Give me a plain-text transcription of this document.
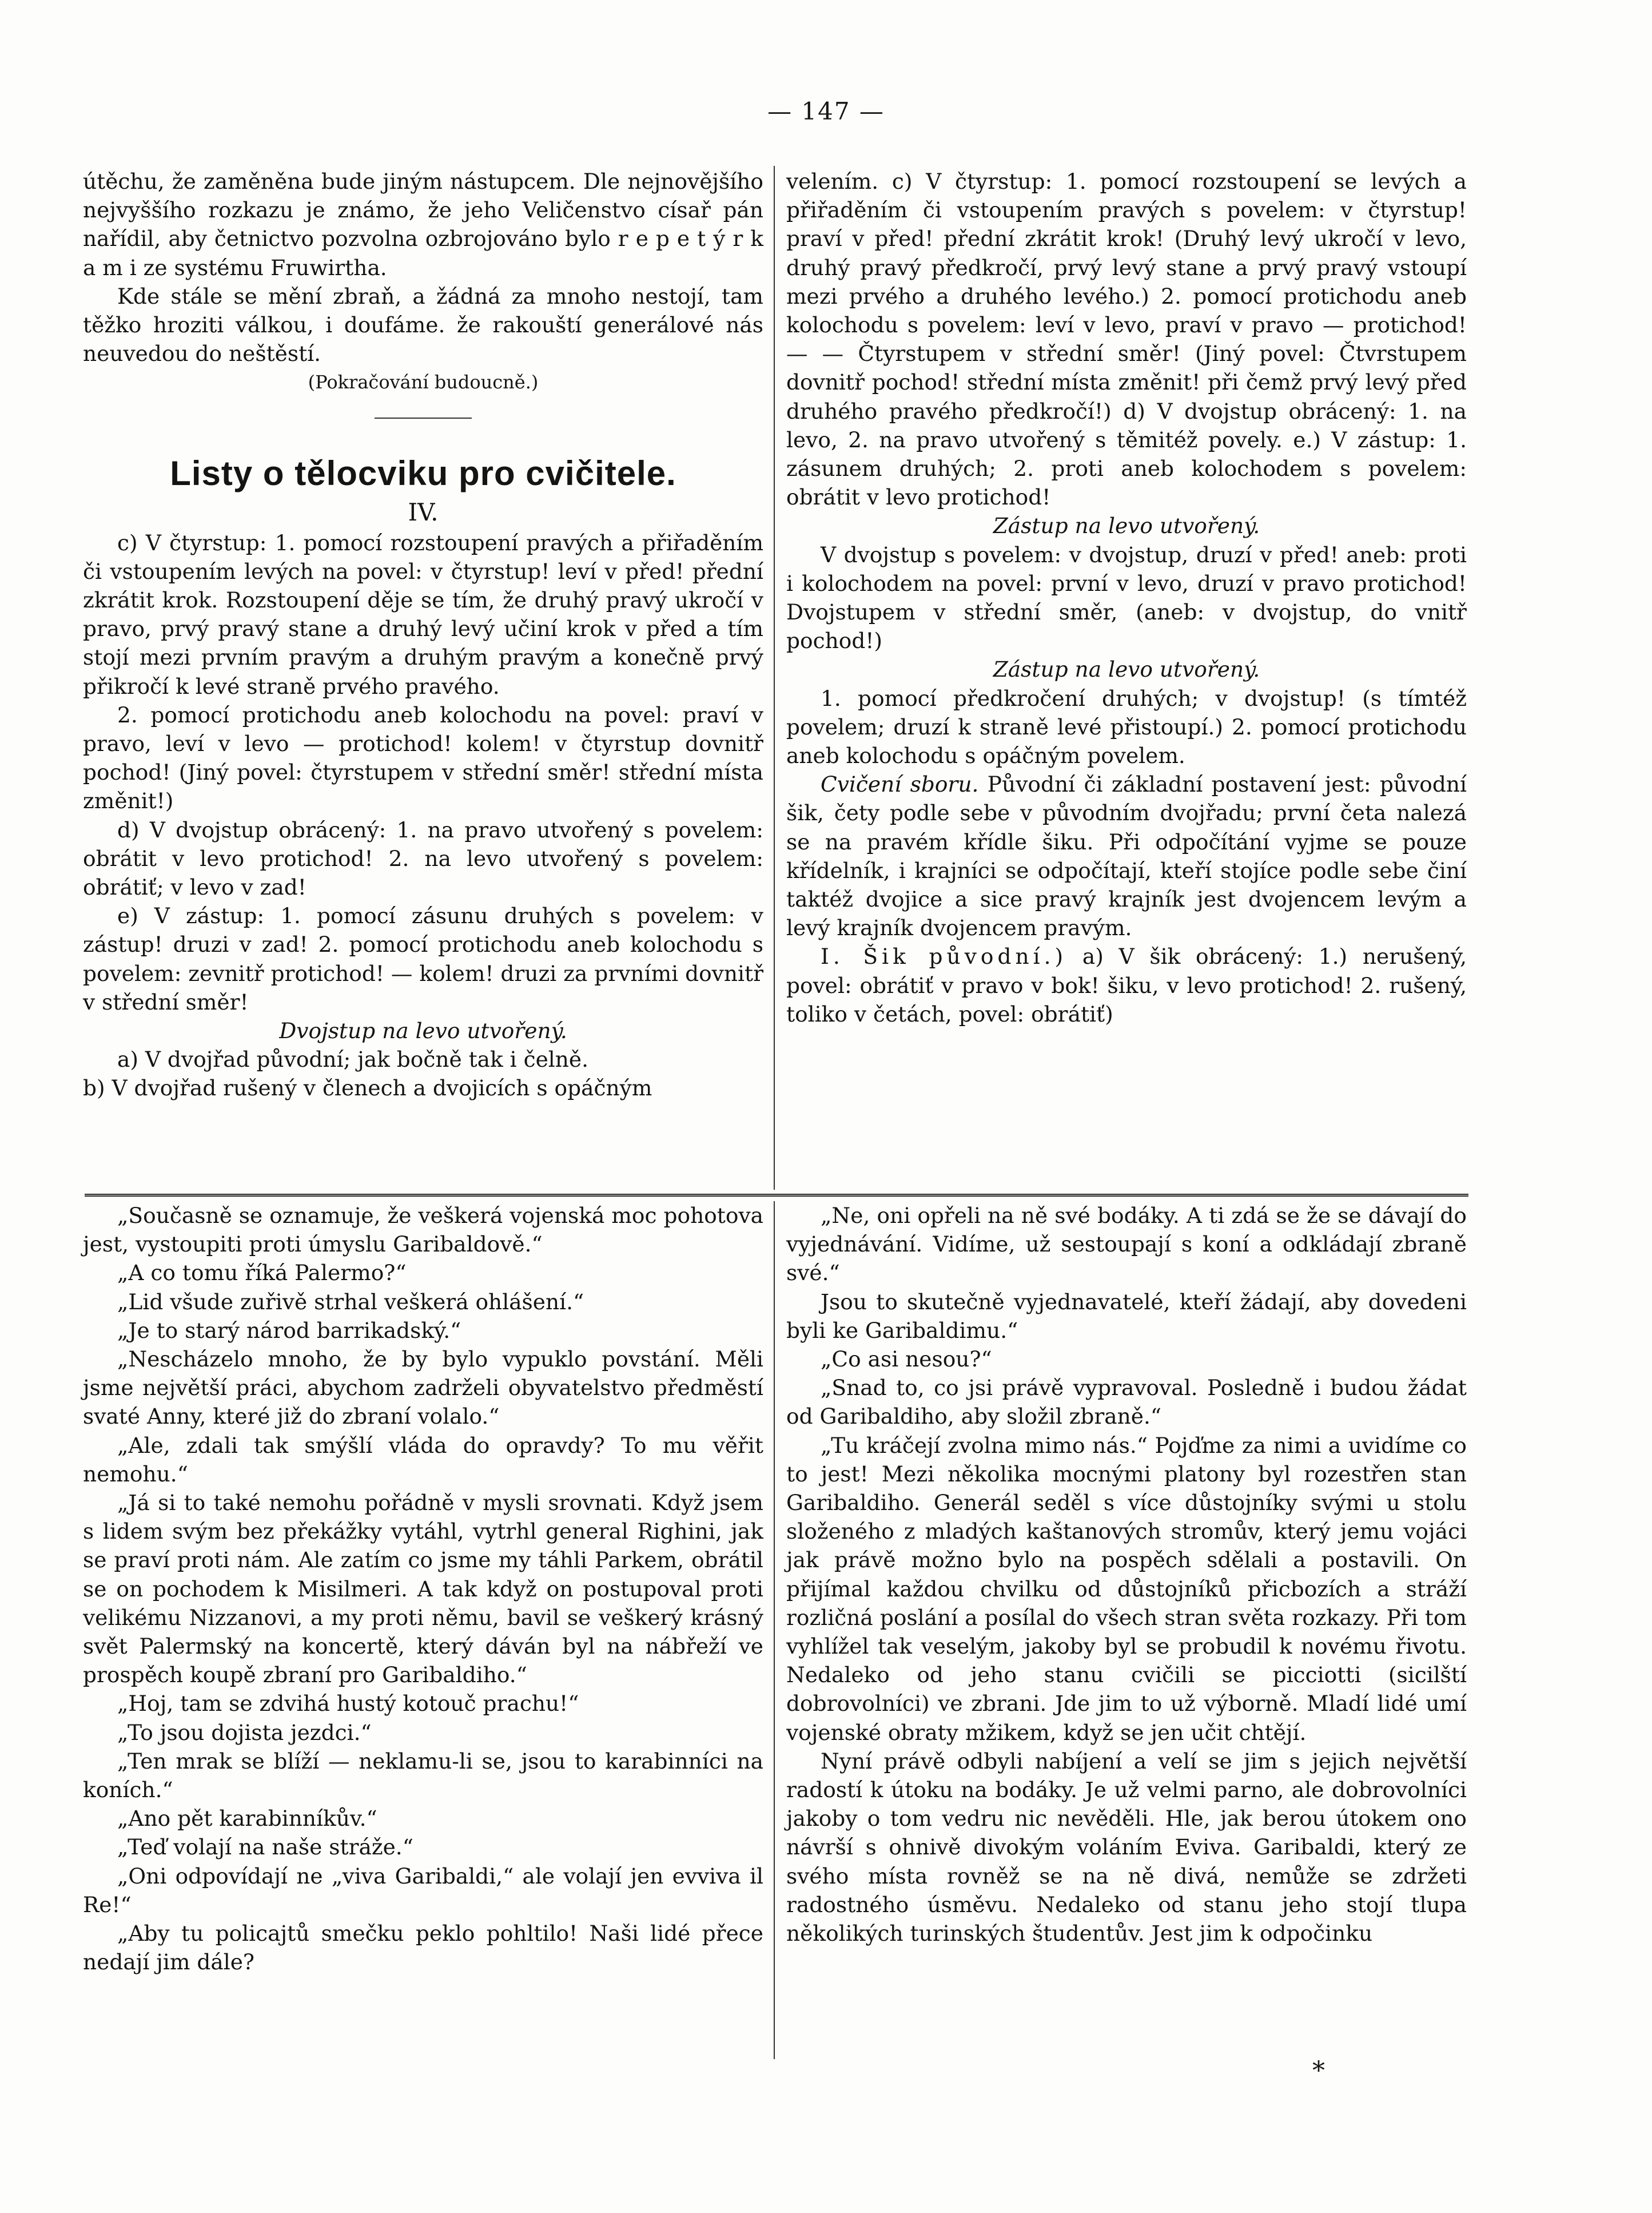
— 147 —

útěchu, že zaměněna bude jiným nástupcem. Dle nejnovějšího nejvyššího rozkazu je známo, že jeho Veličenstvo císař pán nařídil, aby četnictvo pozvolna ozbrojováno bylo r e p e t ý r k a m i ze systému Fruwirtha.

Kde stále se mění zbraň, a žádná za mnoho nestojí, tam těžko hroziti válkou, i doufáme. že rakouští generálové nás neuvedou do neštěstí.

(Pokračování budoucně.)

Listy o tělocviku pro cvičitele.

IV.

c) V čtyrstup: 1. pomocí rozstoupení pravých a přiřaděním či vstoupením levých na povel: v čtyrstup! leví v před! přední zkrátit krok. Rozstoupení děje se tím, že druhý pravý ukročí v pravo, prvý pravý stane a druhý levý učiní krok v před a tím stojí mezi prvním pravým a druhým pravým a konečně prvý přikročí k levé straně prvého pravého.

2. pomocí protichodu aneb kolochodu na povel: praví v pravo, leví v levo — protichod! kolem! v čtyrstup dovnitř pochod! (Jiný povel: čtyrstupem v střední směr! střední místa změnit!)

d) V dvojstup obrácený: 1. na pravo utvořený s povelem: obrátit v levo protichod! 2. na levo utvořený s povelem: obrátiť; v levo v zad!

e) V zástup: 1. pomocí zásunu druhých s povelem: v zástup! druzi v zad! 2. pomocí protichodu aneb kolochodu s povelem: zevnitř protichod! — kolem! druzi za prvními dovnitř v střední směr!

Dvojstup na levo utvořený.

a) V dvojřad původní; jak bočně tak i čelně.

b) V dvojřad rušený v členech a dvojicích s opáčným

velením. c) V čtyrstup: 1. pomocí rozstoupení se levých a přiřaděním či vstoupením pravých s povelem: v čtyrstup! praví v před! přední zkrátit krok! (Druhý levý ukročí v levo, druhý pravý předkročí, prvý levý stane a prvý pravý vstoupí mezi prvého a druhého levého.) 2. pomocí protichodu aneb kolochodu s povelem: leví v levo, praví v pravo — protichod! — — Čtyrstupem v střední směr! (Jiný povel: Čtvrstupem dovnitř pochod! střední místa změnit! při čemž prvý levý před druhého pravého předkročí!) d) V dvojstup obrácený: 1. na levo, 2. na pravo utvořený s těmitéž povely. e.) V zástup: 1. zásunem druhých; 2. proti aneb kolochodem s povelem: obrátit v levo protichod!

Zástup na levo utvořený.

V dvojstup s povelem: v dvojstup, druzí v před! aneb: proti i kolochodem na povel: první v levo, druzí v pravo protichod! Dvojstupem v střední směr, (aneb: v dvojstup, do vnitř pochod!)

Zástup na levo utvořený.

1. pomocí předkročení druhých; v dvojstup! (s tímtéž povelem; druzí k straně levé přistoupí.) 2. pomocí protichodu aneb kolochodu s opáčným povelem.

Cvičení sboru. Původní či základní postavení jest: původní šik, čety podle sebe v původním dvojřadu; první četa nalezá se na pravém křídle šiku. Při odpočítání vyjme se pouze křídelník, i krajníci se odpočítají, kteří stojíce podle sebe činí taktéž dvojice a sice pravý krajník jest dvojencem levým a levý krajník dvojencem pravým.

I. Šik původní.) a) V šik obrácený: 1.) nerušený, povel: obrátiť v pravo v bok! šiku, v levo protichod! 2. rušený, toliko v četách, povel: obrátiť)

„Současně se oznamuje, že veškerá vojenská moc pohotova jest, vystoupiti proti úmyslu Garibaldově.“

„A co tomu říká Palermo?“

„Lid všude zuřivě strhal veškerá ohlášení.“

„Je to starý národ barrikadský.“

„Nescházelo mnoho, že by bylo vypuklo povstání. Měli jsme největší práci, abychom zadrželi obyvatelstvo předměstí svaté Anny, které již do zbraní volalo.“

„Ale, zdali tak smýšlí vláda do opravdy? To mu věřit nemohu.“

„Já si to také nemohu pořádně v mysli srovnati. Když jsem s lidem svým bez překážky vytáhl, vytrhl general Righini, jak se praví proti nám. Ale zatím co jsme my táhli Parkem, obrátil se on pochodem k Misilmeri. A tak když on postupoval proti velikému Nizzanovi, a my proti němu, bavil se veškerý krásný svět Palermský na koncertě, který dáván byl na nábřeží ve prospěch koupě zbraní pro Garibaldiho.“

„Hoj, tam se zdvihá hustý kotouč prachu!“

„To jsou dojista jezdci.“

„Ten mrak se blíží — neklamu-li se, jsou to karabinníci na koních.“

„Ano pět karabinníkův.“

„Teď volají na naše stráže.“

„Oni odpovídají ne „viva Garibaldi,“ ale volají jen evviva il Re!“

„Aby tu policajtů smečku peklo pohltilo! Naši lidé přece nedají jim dále?

„Ne, oni opřeli na ně své bodáky. A ti zdá se že se dávají do vyjednávání. Vidíme, už sestoupají s koní a odkládají zbraně své.“

Jsou to skutečně vyjednavatelé, kteří žádají, aby dovedeni byli ke Garibaldimu.“

„Co asi nesou?“

„Snad to, co jsi právě vypravoval. Posledně i budou žádat od Garibaldiho, aby složil zbraně.“

„Tu kráčejí zvolna mimo nás.“ Pojďme za nimi a uvidíme co to jest! Mezi několika mocnými platony byl rozestřen stan Garibaldiho. Generál seděl s více důstojníky svými u stolu složeného z mladých kaštanových stromův, který jemu vojáci jak právě možno bylo na pospěch sdělali a postavili. On přijímal každou chvilku od důstojníků přicbozích a stráží rozličná poslání a posílal do všech stran světa rozkazy. Při tom vyhlížel tak veselým, jakoby byl se probudil k novému řivotu. Nedaleko od jeho stanu cvičili se picciotti (sicilští dobrovolníci) ve zbrani. Jde jim to už výborně. Mladí lidé umí vojenské obraty mžikem, když se jen učit chtějí.

Nyní právě odbyli nabíjení a velí se jim s jejich největší radostí k útoku na bodáky. Je už velmi parno, ale dobrovolníci jakoby o tom vedru nic nevěděli. Hle, jak berou útokem ono návrší s ohnivě divokým voláním Eviva. Garibaldi, který ze svého místa rovněž se na ně divá, nemůže se zdržeti radostného úsměvu. Nedaleko od stanu jeho stojí tlupa několikých turinských študentův. Jest jim k odpočinku

*
